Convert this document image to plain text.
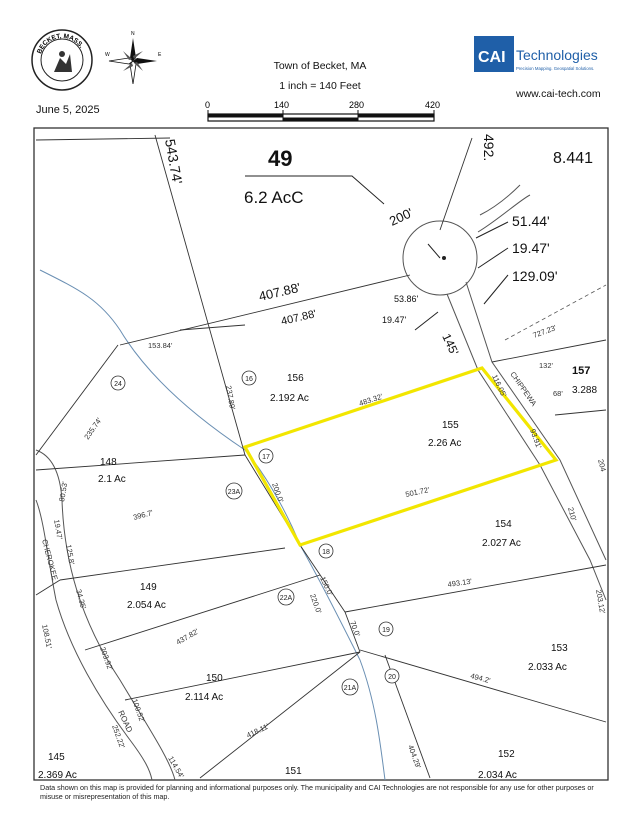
BECKET, MASS.
N
E
W
Town of Becket, MA
1 inch = 140 Feet
June 5, 2025	0	140	280	420
CAI Technologies
Precision Mapping. Geospatial Solutions.
www.cai-tech.com
49
6.2 AcC
8.441
543.74'	492.
200'	51.44'
19.47'
129.09'
407.88'
407.88'
53.86'
19.47'
145'	727.23'
153.84'
237.89'
156
2.192 Ac	483.32'
116.05' CHIPPEWA
132'
68'
157
3.288
155
2.26 Ac	93.91'
204
200.0'	501.72'
210'
154
2.027 Ac
148
2.1 Ac
235.74'
396.7'
80.53'
19.47'
125.8'
CHEROKEE
34.35'
108.51'
203.92'
ROAD
149
2.054 Ac
150.0'
220.0'
493.13'
203.12'
437.82'	70.0'
153
2.033 Ac
494.2'
150
2.114 Ac
100.52'
418.11'
404.29'	152
2.034 Ac
252.22'
114.54'	151
145
2.369 Ac
16
17
18
24
23A
22A
19
20
21A
Data shown on this map is provided for planning and informational purposes only. The municipality and CAI Technologies are not responsible for any use for other purposes or misuse or misrepresentation of this map.
